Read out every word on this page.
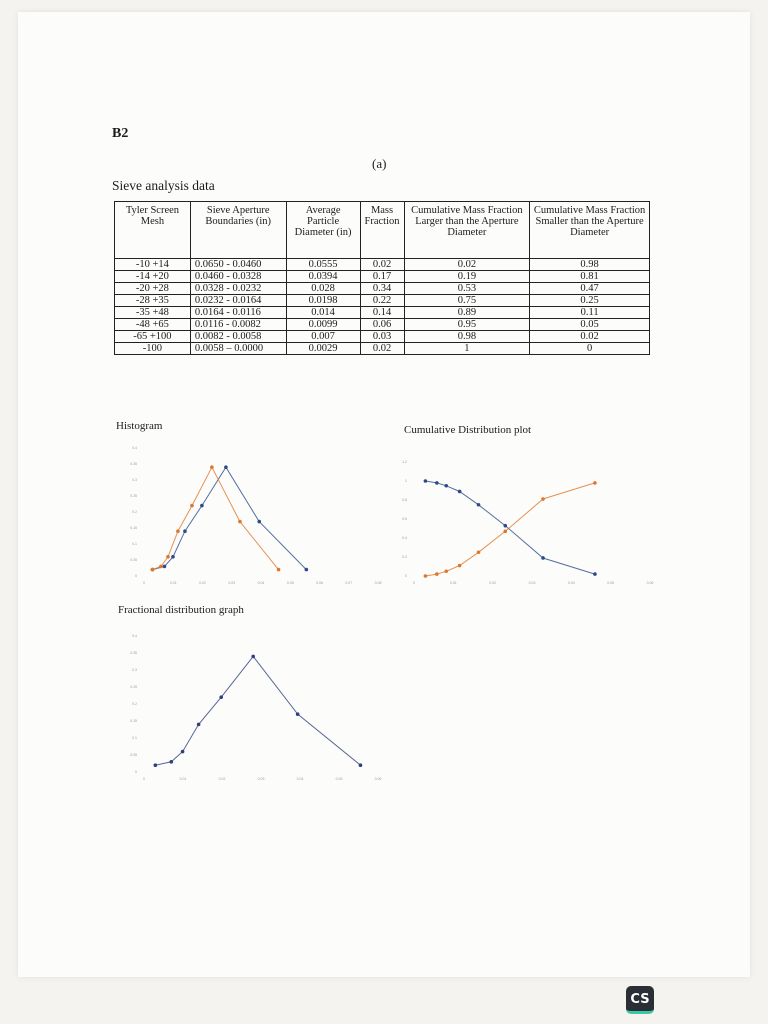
B2
(a)
Sieve analysis data
Tyler Screen Mesh	Sieve Aperture Boundaries (in)	Average Particle Diameter (in)	Mass Fraction	Cumulative Mass Fraction Larger than the Aperture Diameter	Cumulative Mass Fraction Smaller than the Aperture Diameter
-10 +14	0.0650 - 0.0460	0.0555	0.02	0.02	0.98
-14 +20	0.0460 - 0.0328	0.0394	0.17	0.19	0.81
-20 +28	0.0328 - 0.0232	0.028	0.34	0.53	0.47
-28 +35	0.0232 - 0.0164	0.0198	0.22	0.75	0.25
-35 +48	0.0164 - 0.0116	0.014	0.14	0.89	0.11
-48 +65	0.0116 - 0.0082	0.0099	0.06	0.95	0.05
-65 +100	0.0082 - 0.0058	0.007	0.03	0.98	0.02
-100	0.0058 – 0.0000	0.0029	0.02	1	0
Histogram
0
0.05
0.1
0.15
0.2
0.25
0.3
0.35
0.4
0	0.01	0.02	0.03	0.04	0.05	0.06	0.07	0.08
Cumulative Distribution plot
0
0.2
0.4
0.6
0.8
1
1.2
0	0.01	0.02	0.03	0.04	0.05	0.06
Fractional distribution graph
0
0.05
0.1
0.15
0.2
0.25
0.3
0.35
0.4
0	0.01	0.02	0.03	0.04	0.05	0.06
CS
